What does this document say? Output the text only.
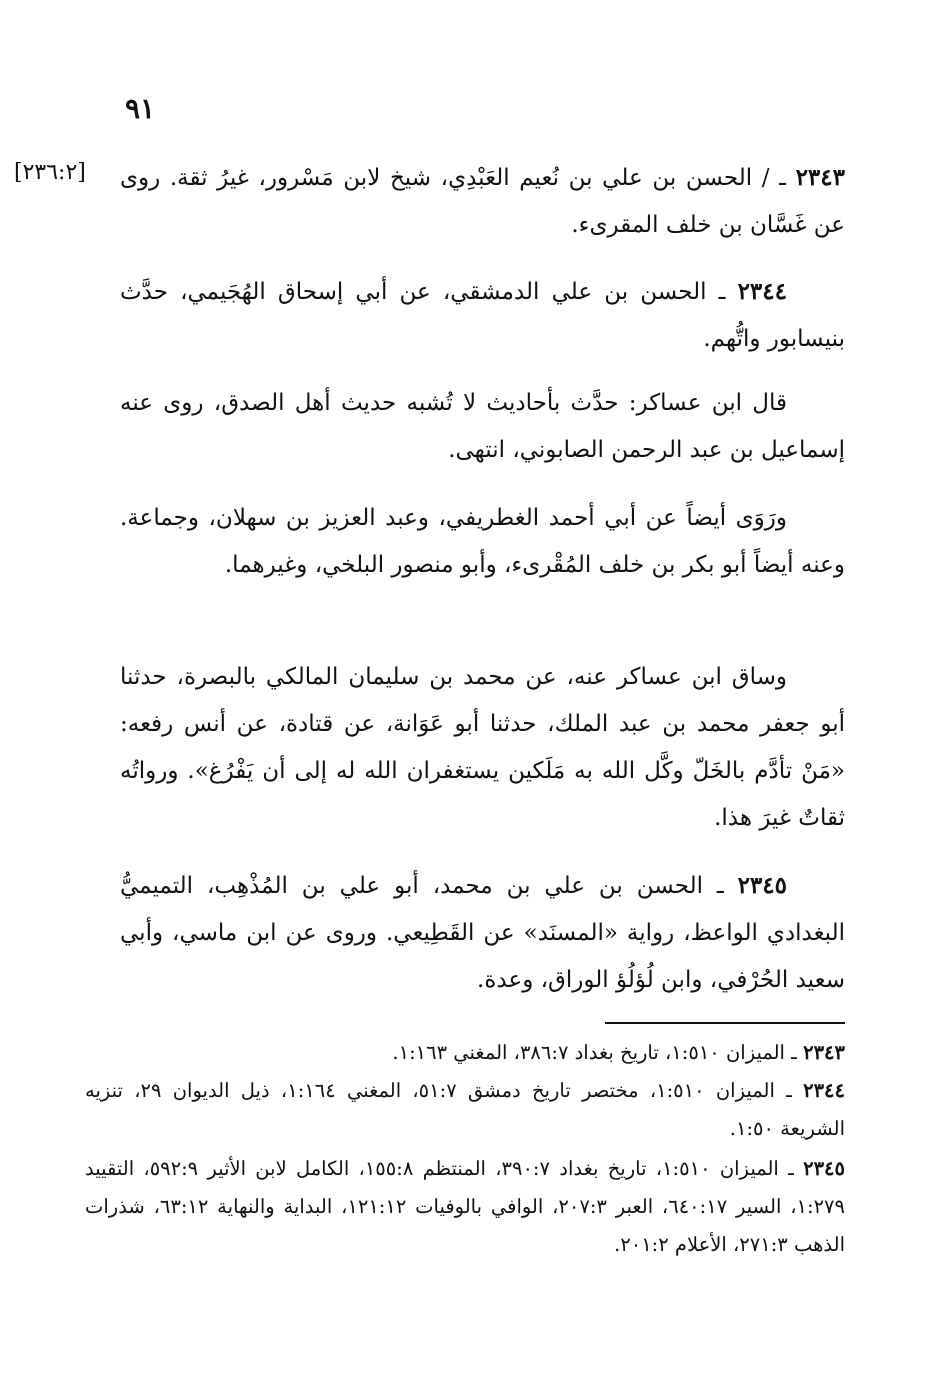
٩١
[٢٣٦:٢]	٢٣٤٣ ـ / الحسن بن علي بن نُعيم العَبْدِي، شيخ لابن مَسْرور، غيرُ ثقة. روى عن غَسَّان بن خلف المقرىء.
٢٣٤٤ ـ الحسن بن علي الدمشقي، عن أبي إسحاق الهُجَيمي، حدَّث بنيسابور واتُّهم.
قال ابن عساكر: حدَّث بأحاديث لا تُشبه حديث أهل الصدق، روى عنه إسماعيل بن عبد الرحمن الصابوني، انتهى.
ورَوَى أيضاً عن أبي أحمد الغطريفي، وعبد العزيز بن سهلان، وجماعة. وعنه أيضاً أبو بكر بن خلف المُقْرىء، وأبو منصور البلخي، وغيرهما.
وساق ابن عساكر عنه، عن محمد بن سليمان المالكي بالبصرة، حدثنا أبو جعفر محمد بن عبد الملك، حدثنا أبو عَوَانة، عن قتادة، عن أنس رفعه: «مَنْ تأدَّم بالخَلّ وكَّل الله به مَلَكين يستغفران الله له إلى أن يَفْرُغ». ورواتُه ثقاتٌ غيرَ هذا.
٢٣٤٥ ـ الحسن بن علي بن محمد، أبو علي بن المُذْهِب، التميميُّ البغدادي الواعظ، رواية «المسنَد» عن القَطِيعي. وروى عن ابن ماسي، وأبي سعيد الحُرْفي، وابن لُؤلُؤ الوراق، وعدة.
٢٣٤٣ ـ الميزان ١:٥١٠، تاريخ بغداد ٣٨٦:٧، المغني ١:١٦٣.
٢٣٤٤ ـ الميزان ١:٥١٠، مختصر تاريخ دمشق ٥١:٧، المغني ١:١٦٤، ذيل الديوان ٢٩، تنزيه الشريعة ١:٥٠.
٢٣٤٥ ـ الميزان ١:٥١٠، تاريخ بغداد ٣٩٠:٧، المنتظم ١٥٥:٨، الكامل لابن الأثير ٥٩٢:٩، التقييد ١:٢٧٩، السير ٦٤٠:١٧، العبر ٢٠٧:٣، الوافي بالوفيات ١٢١:١٢، البداية والنهاية ٦٣:١٢، شذرات الذهب ٢٧١:٣، الأعلام ٢٠١:٢.
